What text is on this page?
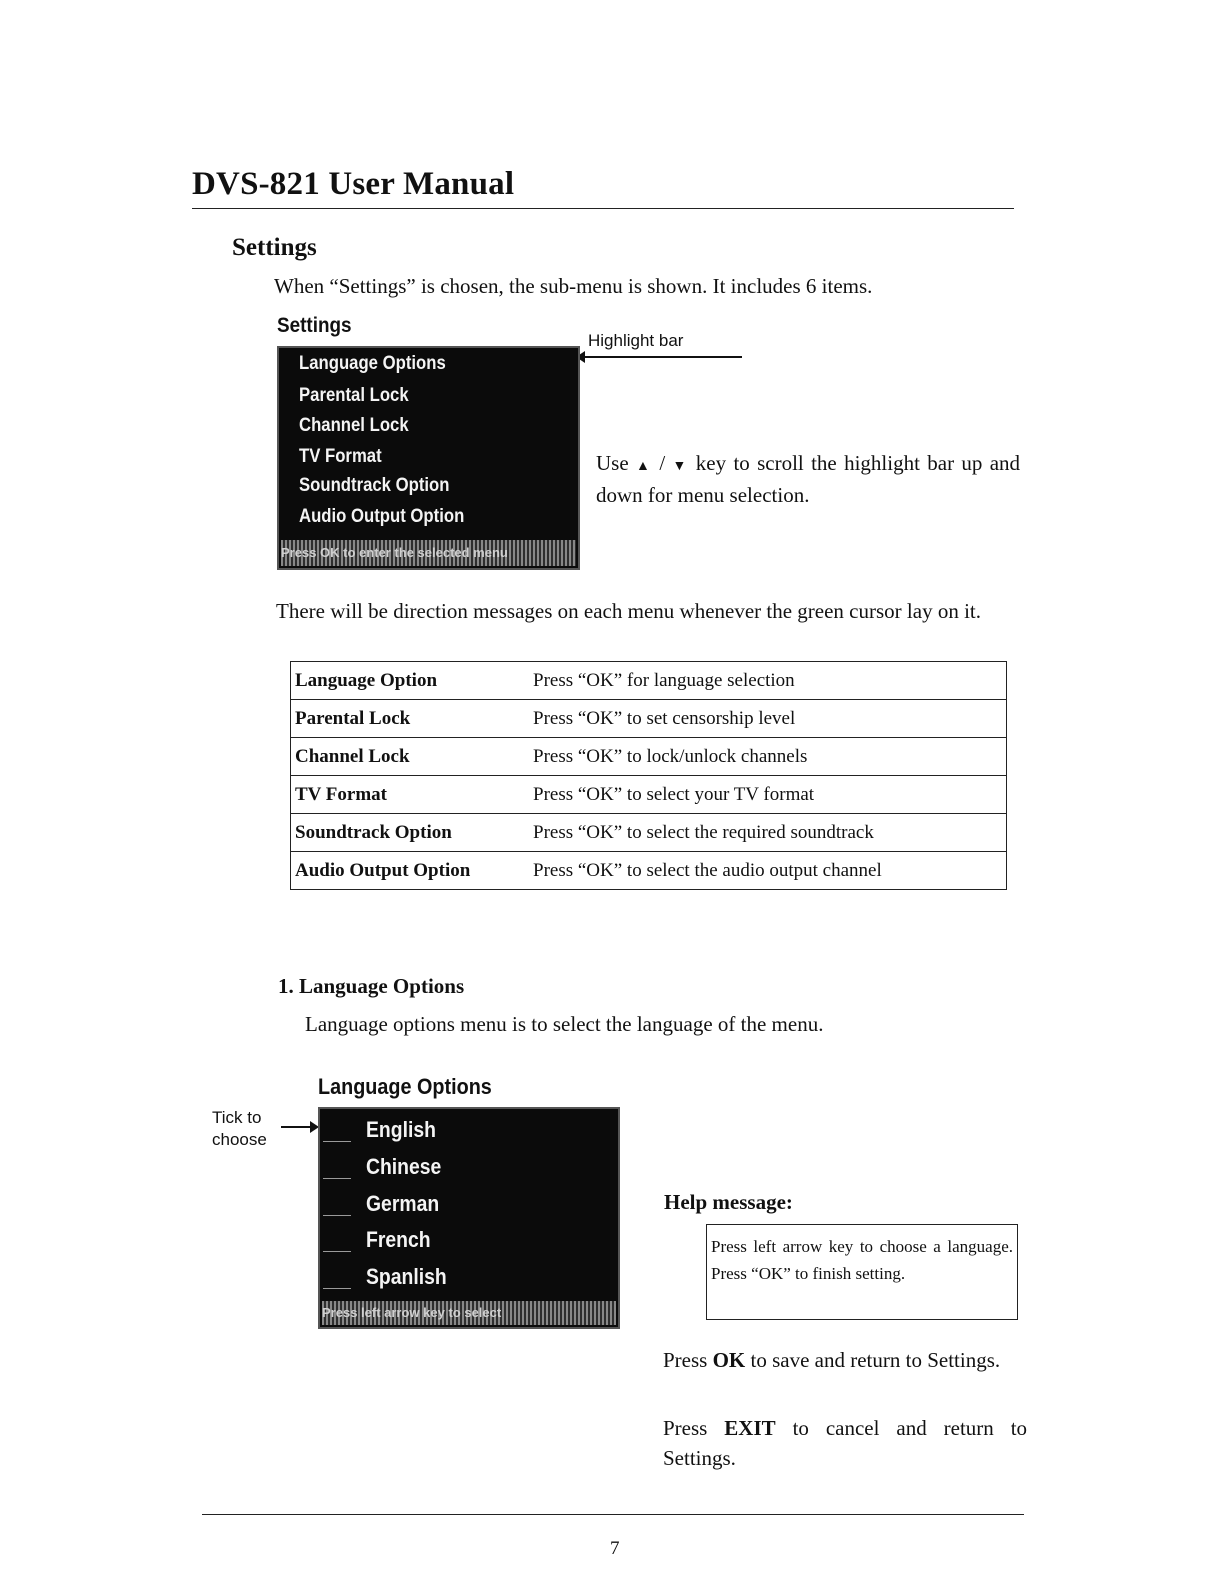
DVS-821 User Manual
Settings
When “Settings” is chosen, the sub-menu is shown. It includes 6 items.
Settings
Highlight bar
Language Options
Parental Lock
Channel Lock
TV Format
Soundtrack Option
Audio Output Option
Press OK to enter the selected menu
Use ▲ / ▼ key to scroll the highlight bar up and down for menu selection.
There will be direction messages on each menu whenever the green cursor lay on it.
Language Option	Press “OK” for language selection
Parental Lock	Press “OK” to set censorship level
Channel Lock	Press “OK” to lock/unlock channels
TV Format	Press “OK” to select your TV format
Soundtrack Option	Press “OK” to select the required soundtrack
Audio Output Option	Press “OK” to select the audio output channel
1. Language Options
Language options menu is to select the language of the menu.
Language Options
Tick to choose	English
Chinese
German
French
Spanlish
Press left arrow key to select
Help message:
Press left arrow key to choose a language. Press “OK” to finish setting.
Press OK to save and return to Settings.
Press EXIT to cancel and return to Settings.
7
